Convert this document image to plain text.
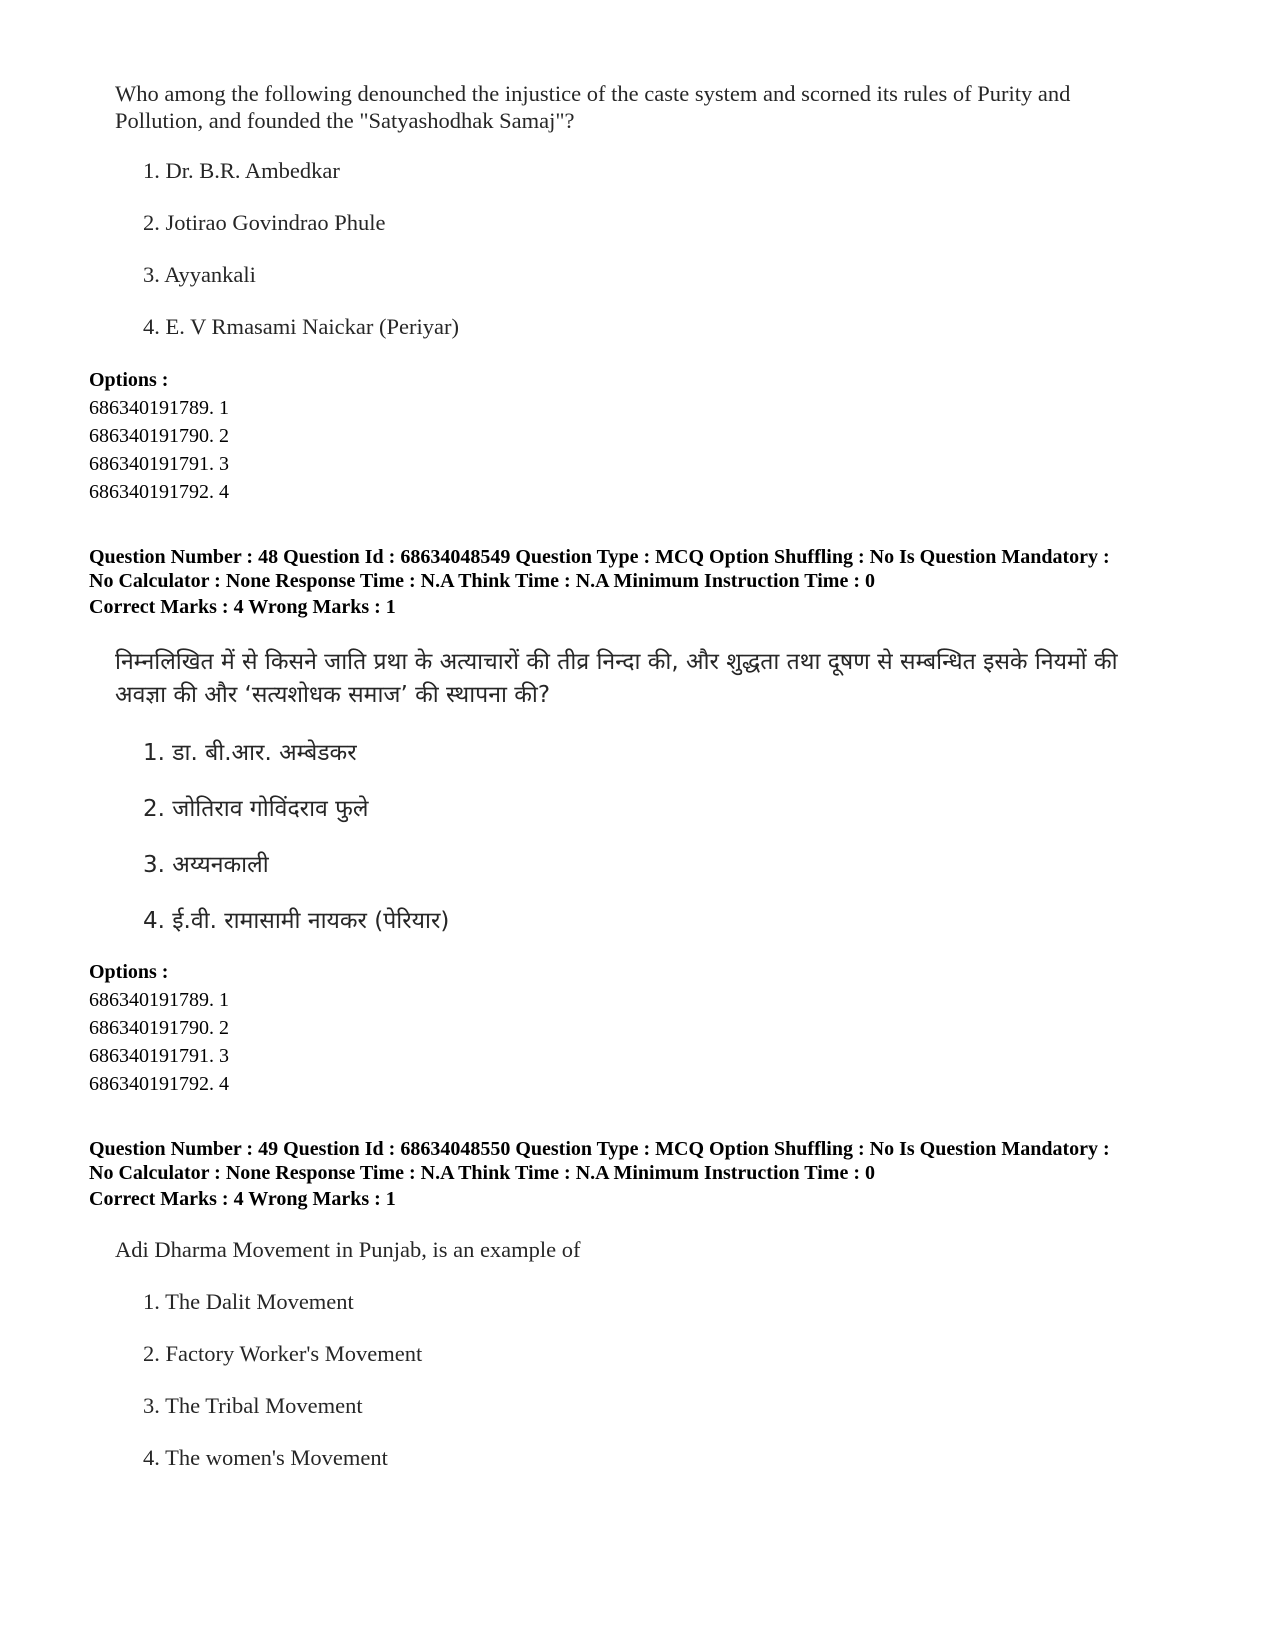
Who among the following denounched the injustice of the caste system and scorned its rules of Purity and
Pollution, and founded the "Satyashodhak Samaj"?
1. Dr. B.R. Ambedkar
2. Jotirao Govindrao Phule
3. Ayyankali
4. E. V Rmasami Naickar (Periyar)
Options :
686340191789. 1
686340191790. 2
686340191791. 3
686340191792. 4
Question Number : 48 Question Id : 68634048549 Question Type : MCQ Option Shuffling : No Is Question Mandatory :
No Calculator : None Response Time : N.A Think Time : N.A Minimum Instruction Time : 0
Correct Marks : 4 Wrong Marks : 1
निम्नलिखित में से किसने जाति प्रथा के अत्याचारों की तीव्र निन्दा की, और शुद्धता तथा दूषण से सम्बन्धित इसके नियमों की
अवज्ञा की और ‘सत्यशोधक समाज’ की स्थापना की?
1. डा. बी.आर. अम्बेडकर
2. जोतिराव गोविंदराव फुले
3. अय्यनकाली
4. ई.वी. रामासामी नायकर (पेरियार)
Options :
686340191789. 1
686340191790. 2
686340191791. 3
686340191792. 4
Question Number : 49 Question Id : 68634048550 Question Type : MCQ Option Shuffling : No Is Question Mandatory :
No Calculator : None Response Time : N.A Think Time : N.A Minimum Instruction Time : 0
Correct Marks : 4 Wrong Marks : 1
Adi Dharma Movement in Punjab, is an example of
1. The Dalit Movement
2. Factory Worker's Movement
3. The Tribal Movement
4. The women's Movement
